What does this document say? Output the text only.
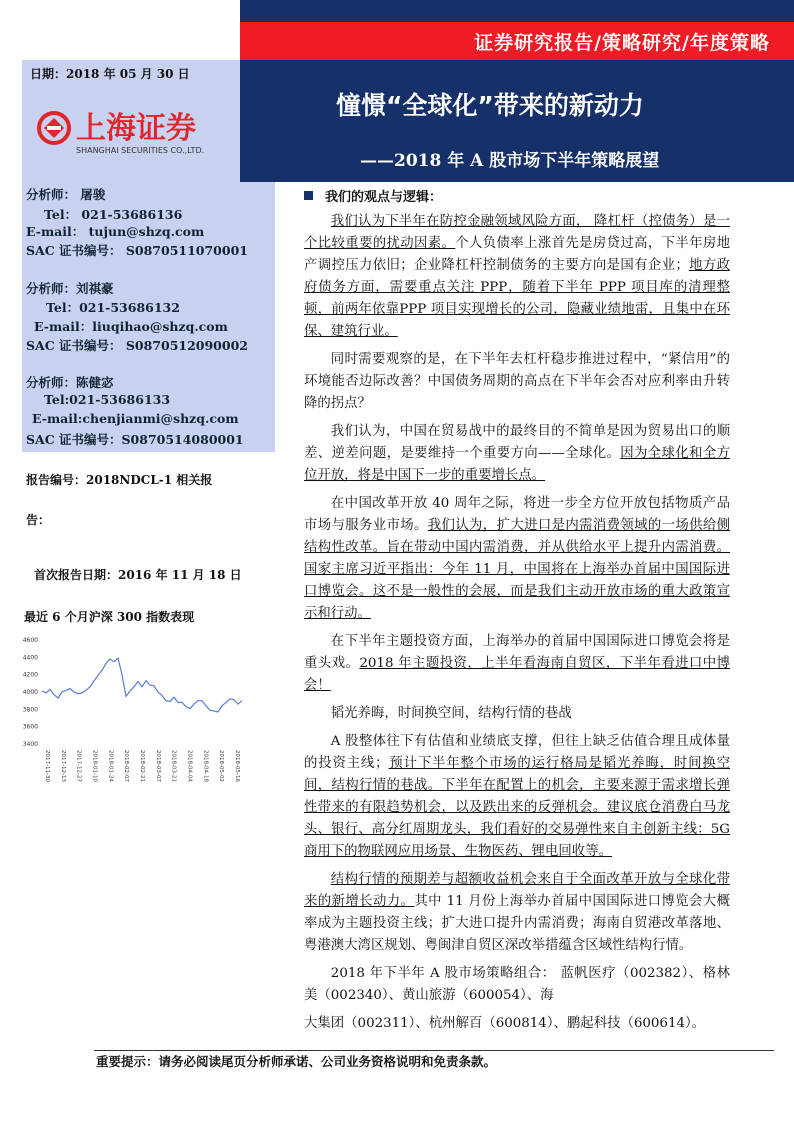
证券研究报告/策略研究/年度策略
日期：2018 年 05 月 30 日
上海证券
SHANGHAI SECURITIES CO.,LTD.
憧憬“全球化”带来的新动力
——2018 年 A 股市场下半年策略展望
分析师： 屠骏
Tel： 021-53686136
E-mail： tujun@shzq.com
SAC 证书编号： S0870511070001
分析师：刘祺豪
Tel：021-53686132
E-mail：liuqihao@shzq.com
SAC 证书编号： S0870512090002
分析师：陈健宓
Tel:021-53686133
E-mail:chenjianmi@shzq.com
SAC 证书编号：S0870514080001
报告编号：2018NDCL-1 相关报
告：
首次报告日期：2016 年 11 月 18 日
最近 6 个月沪深 300 指数表现
4600
4400
4200
4000
3800
3600
3400
2017-11-30 2017-12-13 2017-12-27 2018-01-10 2018-01-24 2018-02-07 2018-02-21 2018-03-07 2018-03-21 2018-04-04 2018-04-18 2018-05-02 2018-05-16
我们的观点与逻辑：

我们认为下半年在防控金融领域风险方面， 降杠杆（控债务）是一个比较重要的扰动因素。个人负债率上涨首先是房贷过高，下半年房地产调控压力依旧；企业降杠杆控制债务的主要方向是国有企业；地方政府债务方面，需要重点关注 PPP，随着下半年 PPP 项目库的清理整顿，前两年依靠PPP 项目实现增长的公司，隐藏业绩地雷，且集中在环保、建筑行业。

同时需要观察的是，在下半年去杠杆稳步推进过程中，“紧信用”的环境能否边际改善？中国债务周期的高点在下半年会否对应利率由升转降的拐点？

我们认为，中国在贸易战中的最终目的不简单是因为贸易出口的顺差、逆差问题，是要维持一个重要方向——全球化。因为全球化和全方位开放，将是中国下一步的重要增长点。

在中国改革开放 40 周年之际，将进一步全方位开放包括物质产品市场与服务业市场。我们认为，扩大进口是内需消费领域的一场供给侧结构性改革。旨在带动中国内需消费，并从供给水平上提升内需消费。国家主席习近平指出：今年 11 月，中国将在上海举办首届中国国际进口博览会。这不是一般性的会展，而是我们主动开放市场的重大政策宣示和行动。

在下半年主题投资方面，上海举办的首届中国国际进口博览会将是重头戏。2018 年主题投资，上半年看海南自贸区，下半年看进口中博会！

韬光养晦，时间换空间，结构行情的巷战

A 股整体往下有估值和业绩底支撑，但往上缺乏估值合理且成体量的投资主线；预计下半年整个市场的运行格局是韬光养晦，时间换空间，结构行情的巷战。下半年在配置上的机会，主要来源于需求增长弹性带来的有限趋势机会，以及跌出来的反弹机会。建议底仓消费白马龙头、银行、高分红周期龙头，我们看好的交易弹性来自主创新主线：5G 商用下的物联网应用场景、生物医药、锂电回收等。

结构行情的预期差与超额收益机会来自于全面改革开放与全球化带来的新增长动力。其中 11 月份上海举办首届中国国际进口博览会大概率成为主题投资主线；扩大进口提升内需消费；海南自贸港改革落地、粤港澳大湾区规划、粤闽津自贸区深改举措蕴含区域性结构行情。

2018 年下半年 A 股市场策略组合： 蓝帆医疗（002382）、格林美（002340）、黄山旅游（600054）、海

大集团（002311）、杭州解百（600814）、鹏起科技（600614）。

重要提示：请务必阅读尾页分析师承诺、公司业务资格说明和免责条款。
